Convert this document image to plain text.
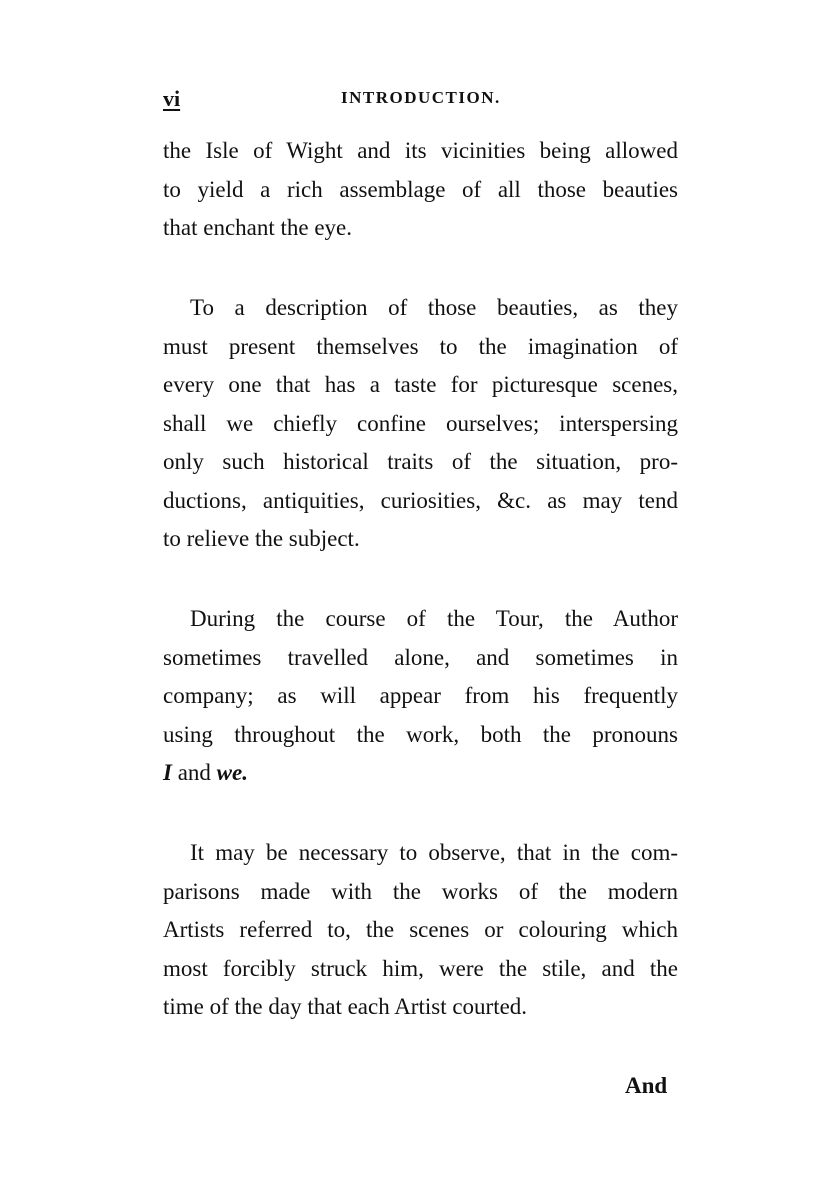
vi	INTRODUCTION.
the Isle of Wight and its vicinities being allowed
to yield a rich assemblage of all those beauties
that enchant the eye.
To a description of those beauties, as they
must present themselves to the imagination of
every one that has a taste for picturesque scenes,
shall we chiefly confine ourselves; interspersing
only such historical traits of the situation, pro-
ductions, antiquities, curiosities, &c. as may tend
to relieve the subject.
During the course of the Tour, the Author
sometimes travelled alone, and sometimes in
company; as will appear from his frequently
using throughout the work, both the pronouns
I and we.
It may be necessary to observe, that in the com-
parisons made with the works of the modern
Artists referred to, the scenes or colouring which
most forcibly struck him, were the stile, and the
time of the day that each Artist courted.
And
